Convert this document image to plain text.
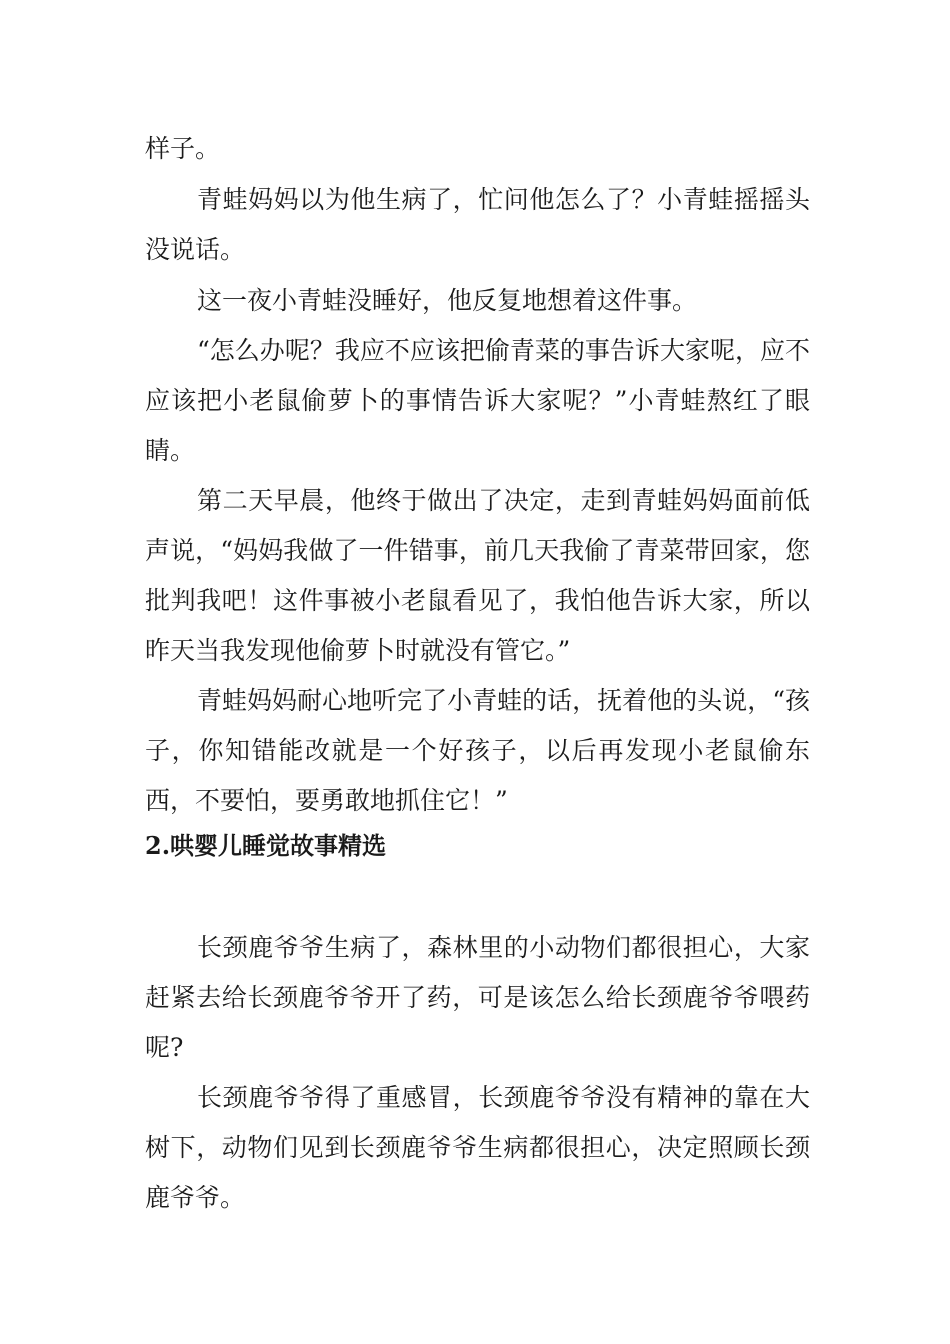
样子。

青蛙妈妈以为他生病了，忙问他怎么了？小青蛙摇摇头没说话。

这一夜小青蛙没睡好，他反复地想着这件事。

“怎么办呢？我应不应该把偷青菜的事告诉大家呢，应不应该把小老鼠偷萝卜的事情告诉大家呢？”小青蛙熬红了眼睛。

第二天早晨，他终于做出了决定，走到青蛙妈妈面前低声说，“妈妈我做了一件错事，前几天我偷了青菜带回家，您批判我吧！这件事被小老鼠看见了，我怕他告诉大家，所以昨天当我发现他偷萝卜时就没有管它。”

青蛙妈妈耐心地听完了小青蛙的话，抚着他的头说，“孩子，你知错能改就是一个好孩子，以后再发现小老鼠偷东西，不要怕，要勇敢地抓住它！”

2.哄婴儿睡觉故事精选

长颈鹿爷爷生病了，森林里的小动物们都很担心，大家赶紧去给长颈鹿爷爷开了药，可是该怎么给长颈鹿爷爷喂药呢?

长颈鹿爷爷得了重感冒，长颈鹿爷爷没有精神的靠在大树下，动物们见到长颈鹿爷爷生病都很担心，决定照顾长颈鹿爷爷。
